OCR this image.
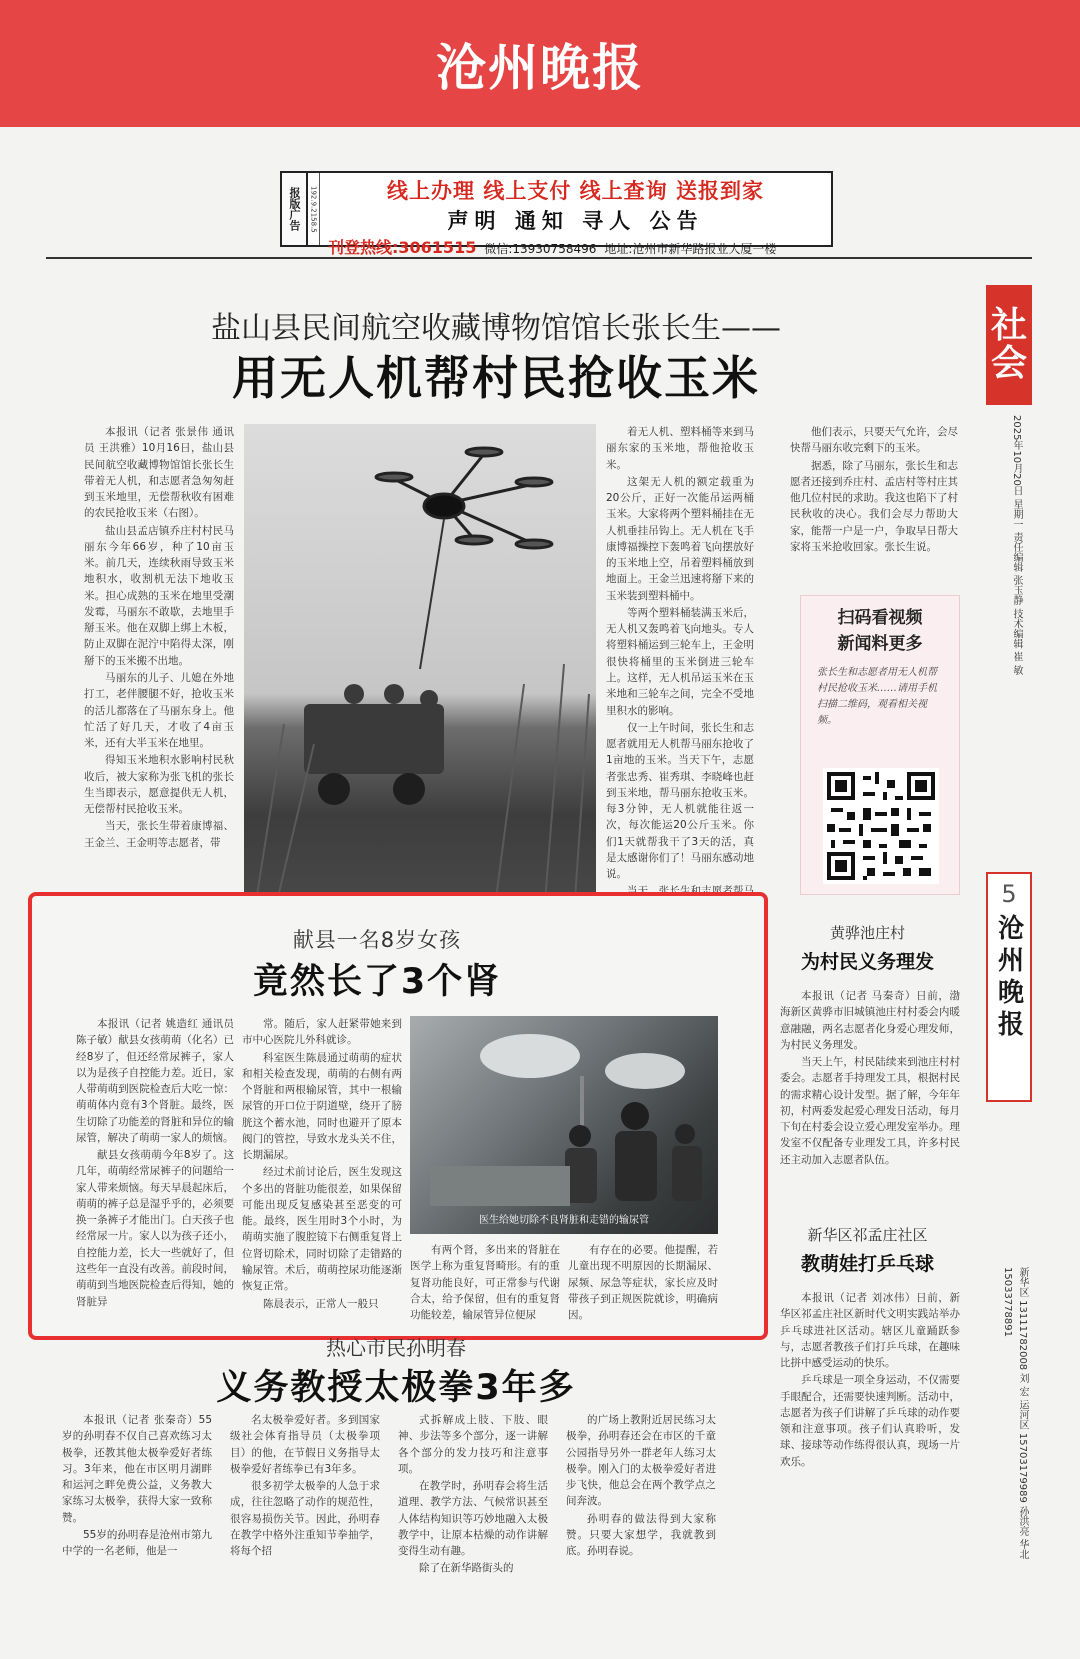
沧州晚报
报版广告	192.9.2158.5	线上办理 线上支付 线上查询 送报到家
声明 通知 寻人 公告
刊登热线:3061515 微信:13930758496 地址:沧州市新华路报业大厦一楼
社
会
2025年10月20日 星期一 责任编辑 张玉静 技术编辑 崔 敏
5
沧州晚报
新华区 13111782008 刘 宏 运河区 15703179989 孙洪亮 华北 15033778891
盐山县民间航空收藏博物馆馆长张长生——
用无人机帮村民抢收玉米

本报讯（记者 张景伟 通讯员 王洪雅）10月16日，盐山县民间航空收藏博物馆馆长张长生带着无人机，和志愿者急匆匆赶到玉米地里，无偿帮秋收有困难的农民抢收玉米（右图）。

盐山县孟店镇乔庄村村民马丽东今年66岁，种了10亩玉米。前几天，连续秋雨导致玉米地积水，收割机无法下地收玉米。担心成熟的玉米在地里受潮发霉，马丽东不敢歇，去地里手掰玉米。他在双脚上绑上木板，防止双脚在泥泞中陷得太深，刚掰下的玉米搬不出地。

马丽东的儿子、儿媳在外地打工，老伴腰腿不好，抢收玉米的活儿都落在了马丽东身上。他忙活了好几天，才收了4亩玉米，还有大半玉米在地里。

得知玉米地积水影响村民秋收后，被大家称为张飞机的张长生当即表示，愿意提供无人机，无偿帮村民抢收玉米。

当天，张长生带着康博福、王金兰、王金明等志愿者，带

着无人机、塑料桶等来到马丽东家的玉米地，帮他抢收玉米。

这架无人机的额定载重为20公斤，正好一次能吊运两桶玉米。大家将两个塑料桶挂在无人机垂挂吊钩上。无人机在飞手康博福操控下轰鸣着飞向摆放好的玉米地上空，吊着塑料桶放到地面上。王金兰迅速将掰下来的玉米装到塑料桶中。

等两个塑料桶装满玉米后，无人机又轰鸣着飞向地头。专人将塑料桶运到三轮车上，王金明很快将桶里的玉米倒进三轮车上。这样，无人机吊运玉米在玉米地和三轮车之间，完全不受地里积水的影响。

仅一上午时间，张长生和志愿者就用无人机帮马丽东抢收了1亩地的玉米。当天下午，志愿者张忠秀、崔秀琪、李晓峰也赶到玉米地，帮马丽东抢收玉米。每3分钟，无人机就能往返一次，每次能运20公斤玉米。你们1天就帮我干了3天的活，真是太感谢你们了！马丽东感动地说。

他们表示，只要天气允许，会尽快帮马丽东收完剩下的玉米。

据悉，除了马丽东，张长生和志愿者还接到乔庄村、孟店村等村庄其他几位村民的求助。我这也陷下了村民秋收的决心。我们会尽力帮助大家，能帮一户是一户，争取早日帮大家将玉米抢收回家。张长生说。

扫码看视频
新闻料更多
张长生和志愿者用无人机帮村民抢收玉米……请用手机扫描二维码，观看相关视频。
献县一名8岁女孩
竟然长了3个肾

本报讯（记者 姚造红 通讯员 陈子敏）献县女孩萌萌（化名）已经8岁了，但还经常尿裤子，家人以为是孩子自控能力差。近日，家人带萌萌到医院检查后大吃一惊：萌萌体内竟有3个肾脏。最终，医生切除了功能差的肾脏和异位的输尿管，解决了萌萌一家人的烦恼。

献县女孩萌萌今年8岁了。这几年，萌萌经常尿裤子的问题给一家人带来烦恼。每天早晨起床后，萌萌的裤子总是湿乎乎的，必须要换一条裤子才能出门。白天孩子也经常尿一片。家人以为孩子还小，自控能力差，长大一些就好了，但这些年一直没有改善。前段时间，萌萌到当地医院检查后得知，她的肾脏异

常。随后，家人赶紧带她来到市中心医院儿外科就诊。

科室医生陈晨通过萌萌的症状和相关检查发现，萌萌的右侧有两个肾脏和两根输尿管，其中一根输尿管的开口位于阴道壁，绕开了膀胱这个蓄水池，同时也避开了原本阀门的管控，导致水龙头关不住，长期漏尿。

经过术前讨论后，医生发现这个多出的肾脏功能很差，如果保留可能出现反复感染甚至恶变的可能。最终，医生用时3个小时，为萌萌实施了腹腔镜下右侧重复肾上位肾切除术，同时切除了走错路的输尿管。术后，萌萌控尿功能逐渐恢复正常。

陈晨表示，正常人一般只

医生给她切除不良肾脏和走错的输尿管

有两个肾，多出来的肾脏在医学上称为重复肾畸形。有的重复肾功能良好，可正常参与代谢合太，给予保留，但有的重复肾功能较差，输尿管异位便尿

有存在的必要。他提醒，若儿童出现不明原因的长期漏尿、尿频、尿急等症状，家长应及时带孩子到正规医院就诊，明确病因。

黄骅池庄村
为村民义务理发

本报讯（记者 马秦奇）日前，渤海新区黄骅市旧城镇池庄村村委会内暖意融融，两名志愿者化身爱心理发师，为村民义务理发。

当天上午，村民陆续来到池庄村村委会。志愿者手持理发工具，根据村民的需求精心设计发型。据了解，今年年初，村两委发起爱心理发日活动，每月下旬在村委会设立爱心理发室举办。理发室不仅配备专业理发工具，许多村民还主动加入志愿者队伍。

新华区祁孟庄社区
教萌娃打乒乓球

本报讯（记者 刘冰伟）日前，新华区祁孟庄社区新时代文明实践站举办乒乓球进社区活动。辖区儿童踊跃参与，志愿者教孩子们打乒乓球，在趣味比拼中感受运动的快乐。

乒乓球是一项全身运动，不仅需要手眼配合，还需要快速判断。活动中，志愿者为孩子们讲解了乒乓球的动作要领和注意事项。孩子们认真聆听，发球、接球等动作练得很认真，现场一片欢乐。

热心市民孙明春
义务教授太极拳3年多

本报讯（记者 张秦奇）55岁的孙明春不仅自己喜欢练习太极拳，还教其他太极拳爱好者练习。3年来，他在市区明月湖畔和运河之畔免费公益，义务教大家练习太极拳，获得大家一致称赞。

55岁的孙明春是沧州市第九中学的一名老师，他是一

名太极拳爱好者。多到国家级社会体育指导员（太极拳项目）的他，在节假日义务指导太极拳爱好者练拳已有3年多。

很多初学太极拳的人急于求成，往往忽略了动作的规范性，很容易损伤关节。因此，孙明春在教学中格外注重知节拳抽学，将每个招

式拆解成上肢、下肢、眼神、步法等多个部分，逐一讲解各个部分的发力技巧和注意事项。

在教学时，孙明春会将生活道理、教学方法、气候常识甚至人体结构知识等巧妙地融入太极教学中，让原本枯燥的动作讲解变得生动有趣。

除了在新华路街头的

的广场上教附近居民练习太极拳，孙明春还会在市区的千童公园指导另外一群老年人练习太极拳。刚入门的太极拳爱好者进步飞快，他总会在两个教学点之间奔波。

孙明春的做法得到大家称赞。只要大家想学，我就教到底。孙明春说。
